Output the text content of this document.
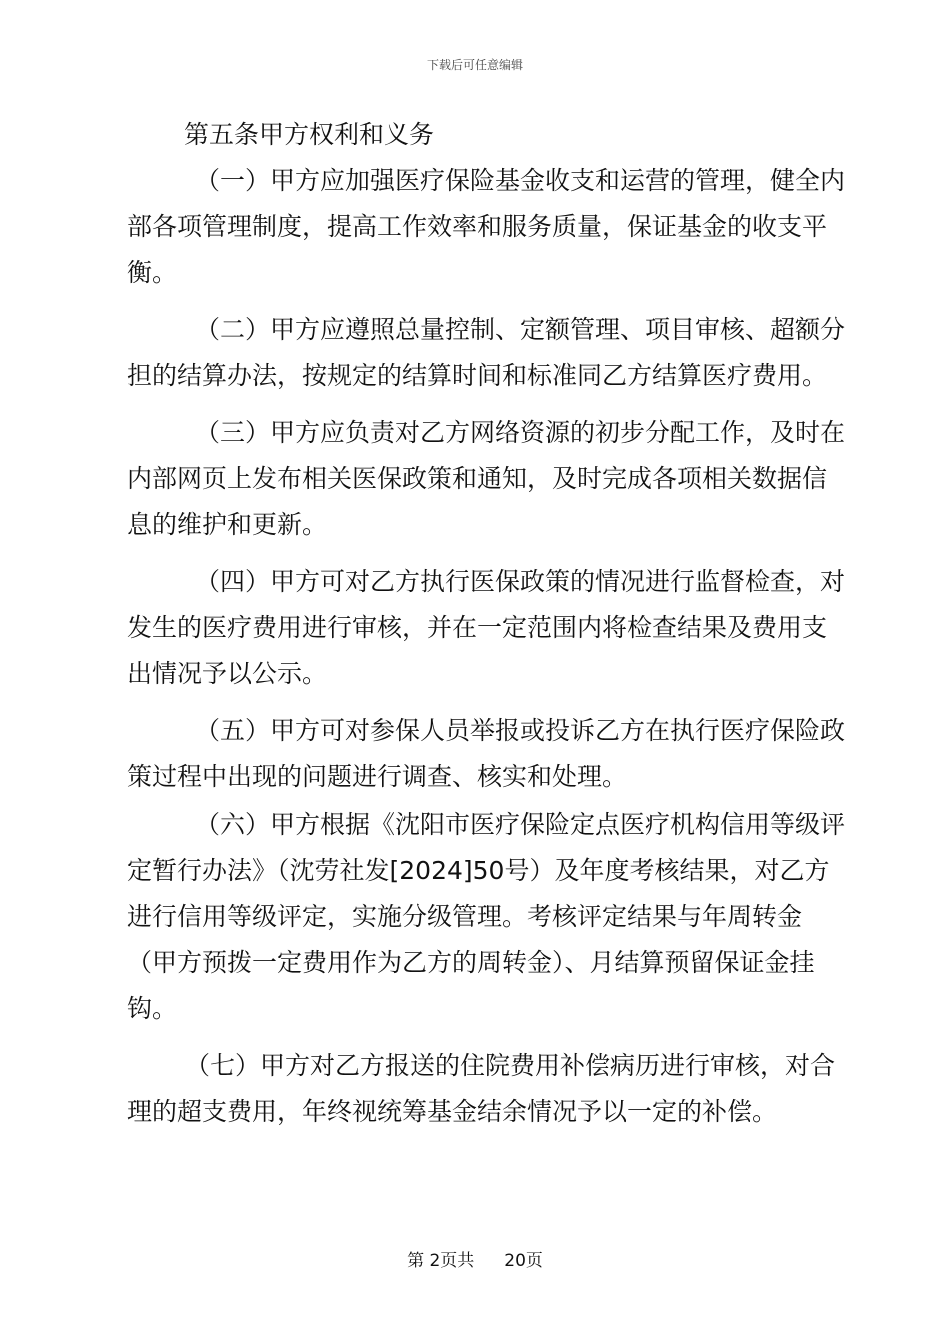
下载后可任意编辑
第五条甲方权利和义务

（一）甲方应加强医疗保险基金收支和运营的管理，健全内部各项管理制度，提高工作效率和服务质量，保证基金的收支平衡。

（二）甲方应遵照总量控制、定额管理、项目审核、超额分担的结算办法，按规定的结算时间和标准同乙方结算医疗费用。

（三）甲方应负责对乙方网络资源的初步分配工作，及时在内部网页上发布相关医保政策和通知，及时完成各项相关数据信息的维护和更新。

（四）甲方可对乙方执行医保政策的情况进行监督检查，对发生的医疗费用进行审核，并在一定范围内将检查结果及费用支出情况予以公示。

（五）甲方可对参保人员举报或投诉乙方在执行医疗保险政策过程中出现的问题进行调查、核实和处理。

（六）甲方根据《沈阳市医疗保险定点医疗机构信用等级评定暂行办法》（沈劳社发[2024]50号）及年度考核结果，对乙方进行信用等级评定，实施分级管理。考核评定结果与年周转金（甲方预拨一定费用作为乙方的周转金）、月结算预留保证金挂钩。

（七）甲方对乙方报送的住院费用补偿病历进行审核，对合理的超支费用，年终视统筹基金结余情况予以一定的补偿。

第 2页共 20页
